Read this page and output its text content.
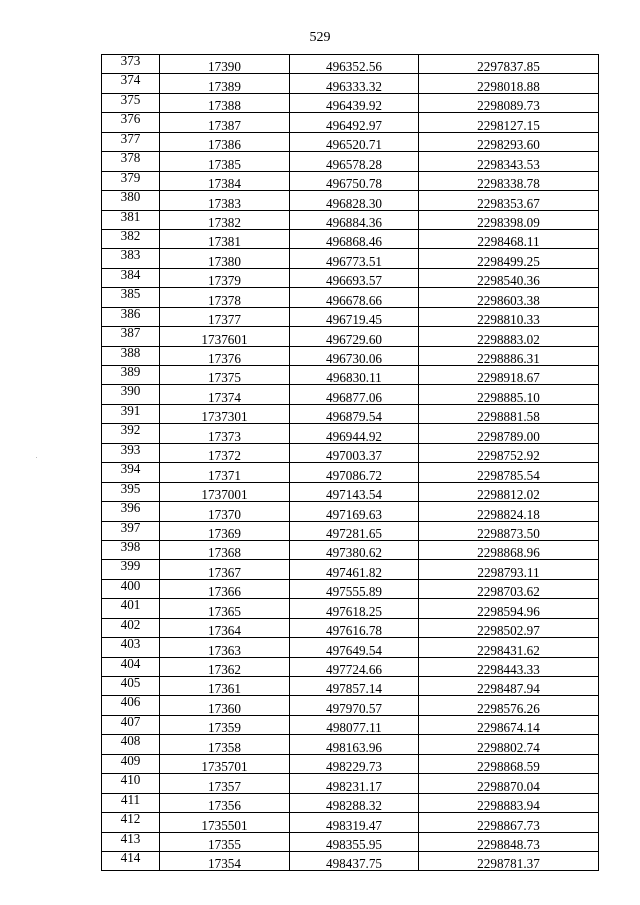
529
373	17390	496352.56	2297837.85
374	17389	496333.32	2298018.88
375	17388	496439.92	2298089.73
376	17387	496492.97	2298127.15
377	17386	496520.71	2298293.60
378	17385	496578.28	2298343.53
379	17384	496750.78	2298338.78
380	17383	496828.30	2298353.67
381	17382	496884.36	2298398.09
382	17381	496868.46	2298468.11
383	17380	496773.51	2298499.25
384	17379	496693.57	2298540.36
385	17378	496678.66	2298603.38
386	17377	496719.45	2298810.33
387	1737601	496729.60	2298883.02
388	17376	496730.06	2298886.31
389	17375	496830.11	2298918.67
390	17374	496877.06	2298885.10
391	1737301	496879.54	2298881.58
392	17373	496944.92	2298789.00
393	17372	497003.37	2298752.92
394	17371	497086.72	2298785.54
395	1737001	497143.54	2298812.02
396	17370	497169.63	2298824.18
397	17369	497281.65	2298873.50
398	17368	497380.62	2298868.96
399	17367	497461.82	2298793.11
400	17366	497555.89	2298703.62
401	17365	497618.25	2298594.96
402	17364	497616.78	2298502.97
403	17363	497649.54	2298431.62
404	17362	497724.66	2298443.33
405	17361	497857.14	2298487.94
406	17360	497970.57	2298576.26
407	17359	498077.11	2298674.14
408	17358	498163.96	2298802.74
409	1735701	498229.73	2298868.59
410	17357	498231.17	2298870.04
411	17356	498288.32	2298883.94
412	1735501	498319.47	2298867.73
413	17355	498355.95	2298848.73
414	17354	498437.75	2298781.37
